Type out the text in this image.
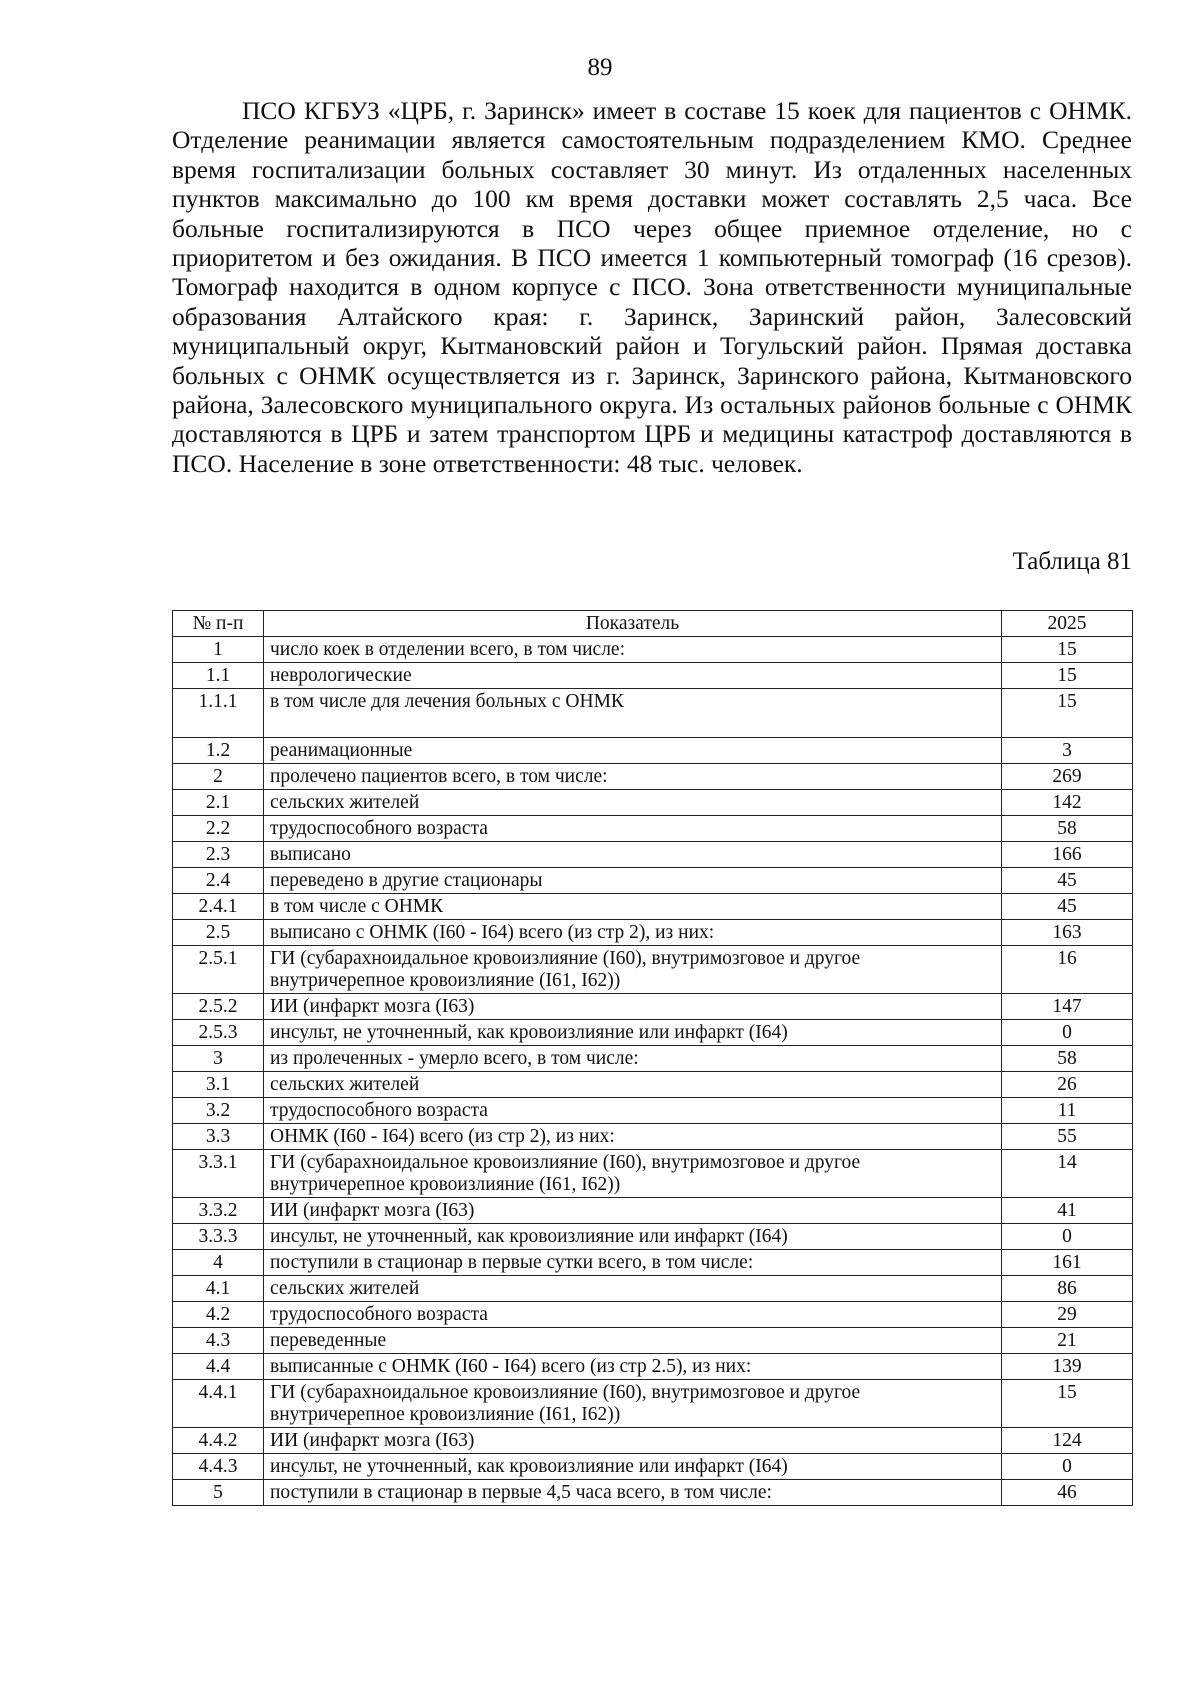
89

ПСО КГБУЗ «ЦРБ, г. Заринск» имеет в составе 15 коек для пациентов с ОНМК. Отделение реанимации является самостоятельным подразделением КМО. Среднее время госпитализации больных составляет 30 минут. Из отдаленных населенных пунктов максимально до 100 км время доставки может составлять 2,5 часа. Все больные госпитализируются в ПСО через общее приемное отделение, но с приоритетом и без ожидания. В ПСО имеется 1 компьютерный томограф (16 срезов). Томограф находится в одном корпусе с ПСО. Зона ответственности муниципальные образования Алтайского края: г. Заринск, Заринский район, Залесовский муниципальный округ, Кытмановский район и Тогульский район. Прямая доставка больных с ОНМК осуществляется из г. Заринск, Заринского района, Кытмановского района, Залесовского муниципального округа. Из остальных районов больные с ОНМК доставляются в ЦРБ и затем транспортом ЦРБ и медицины катастроф доставляются в ПСО. Население в зоне ответственности: 48 тыс. человек.

Таблица 81
№ п-п	Показатель	2025
1	число коек в отделении всего, в том числе:	15
1.1	неврологические	15
1.1.1	в том числе для лечения больных с ОНМК	15
1.2	реанимационные	3
2	пролечено пациентов всего, в том числе:	269
2.1	сельских жителей	142
2.2	трудоспособного возраста	58
2.3	выписано	166
2.4	переведено в другие стационары	45
2.4.1	в том числе с ОНМК	45
2.5	выписано с ОНМК (I60 - I64) всего (из стр 2), из них:	163
2.5.1	ГИ (субарахноидальное кровоизлияние (I60), внутримозговое и другое внутричерепное кровоизлияние (I61, I62))	16
2.5.2	ИИ (инфаркт мозга (I63)	147
2.5.3	инсульт, не уточненный, как кровоизлияние или инфаркт (I64)	0
3	из пролеченных - умерло всего, в том числе:	58
3.1	сельских жителей	26
3.2	трудоспособного возраста	11
3.3	ОНМК (I60 - I64) всего (из стр 2), из них:	55
3.3.1	ГИ (субарахноидальное кровоизлияние (I60), внутримозговое и другое внутричерепное кровоизлияние (I61, I62))	14
3.3.2	ИИ (инфаркт мозга (I63)	41
3.3.3	инсульт, не уточненный, как кровоизлияние или инфаркт (I64)	0
4	поступили в стационар в первые сутки всего, в том числе:	161
4.1	сельских жителей	86
4.2	трудоспособного возраста	29
4.3	переведенные	21
4.4	выписанные с ОНМК (I60 - I64) всего (из стр 2.5), из них:	139
4.4.1	ГИ (субарахноидальное кровоизлияние (I60), внутримозговое и другое внутричерепное кровоизлияние (I61, I62))	15
4.4.2	ИИ (инфаркт мозга (I63)	124
4.4.3	инсульт, не уточненный, как кровоизлияние или инфаркт (I64)	0
5	поступили в стационар в первые 4,5 часа всего, в том числе:	46
